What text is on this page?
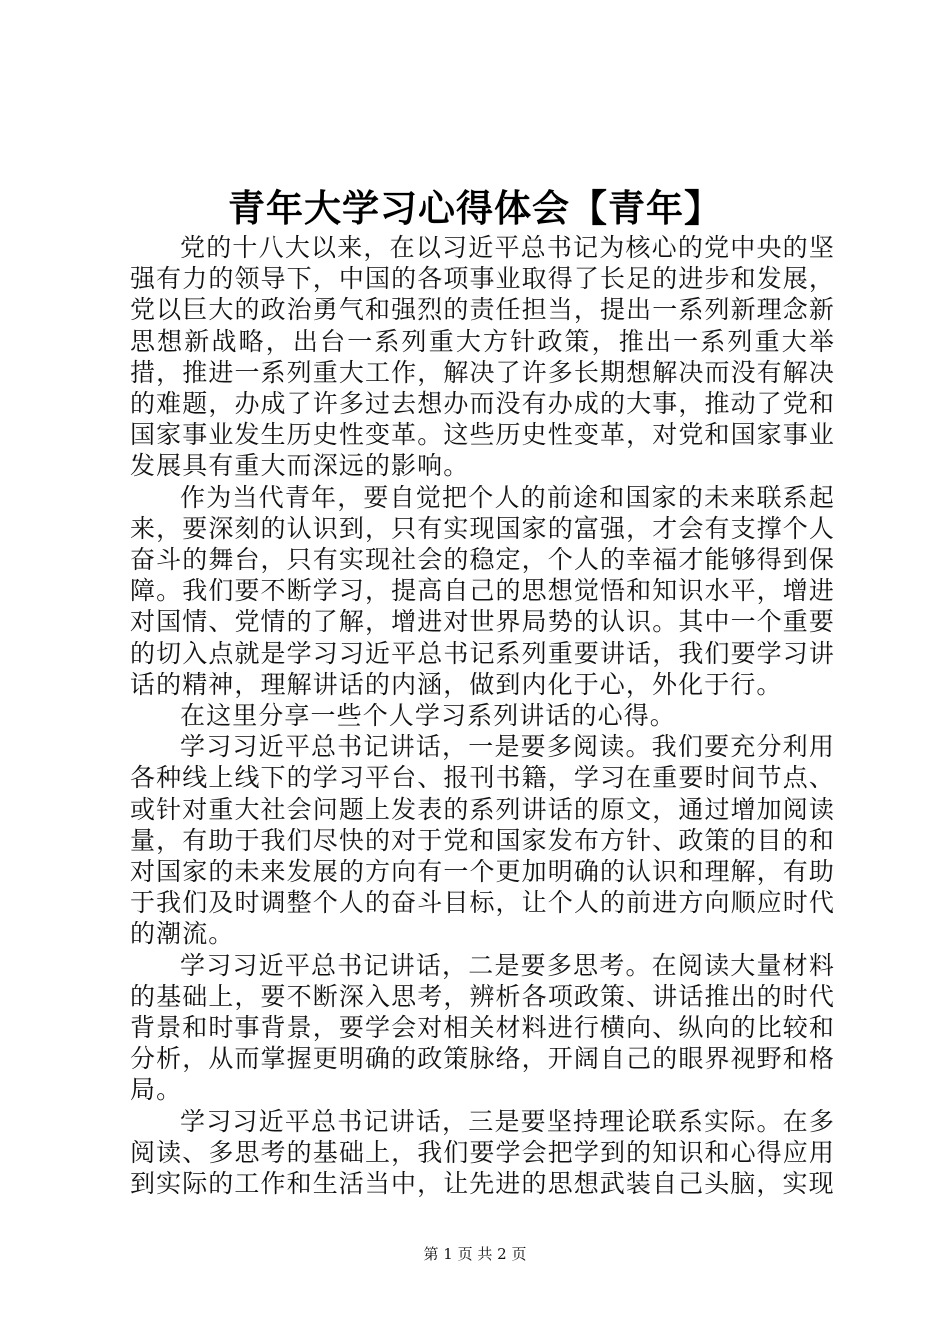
青年大学习心得体会【青年】

党的十八大以来，在以习近平总书记为核心的党中央的坚强有力的领导下，中国的各项事业取得了长足的进步和发展，党以巨大的政治勇气和强烈的责任担当，提出一系列新理念新思想新战略，出台一系列重大方针政策，推出一系列重大举措，推进一系列重大工作，解决了许多长期想解决而没有解决的难题，办成了许多过去想办而没有办成的大事，推动了党和国家事业发生历史性变革。这些历史性变革，对党和国家事业发展具有重大而深远的影响。

作为当代青年，要自觉把个人的前途和国家的未来联系起来，要深刻的认识到，只有实现国家的富强，才会有支撑个人奋斗的舞台，只有实现社会的稳定，个人的幸福才能够得到保障。我们要不断学习，提高自己的思想觉悟和知识水平，增进对国情、党情的了解，增进对世界局势的认识。其中一个重要的切入点就是学习习近平总书记系列重要讲话，我们要学习讲话的精神，理解讲话的内涵，做到内化于心，外化于行。

在这里分享一些个人学习系列讲话的心得。

学习习近平总书记讲话，一是要多阅读。我们要充分利用各种线上线下的学习平台、报刊书籍，学习在重要时间节点、或针对重大社会问题上发表的系列讲话的原文，通过增加阅读量，有助于我们尽快的对于党和国家发布方针、政策的目的和对国家的未来发展的方向有一个更加明确的认识和理解，有助于我们及时调整个人的奋斗目标，让个人的前进方向顺应时代的潮流。

学习习近平总书记讲话，二是要多思考。在阅读大量材料的基础上，要不断深入思考，辨析各项政策、讲话推出的时代背景和时事背景，要学会对相关材料进行横向、纵向的比较和分析，从而掌握更明确的政策脉络，开阔自己的眼界视野和格局。

学习习近平总书记讲话，三是要坚持理论联系实际。在多阅读、多思考的基础上，我们要学会把学到的知识和心得应用到实际的工作和生活当中，让先进的思想武装自己头脑，实现

第 1 页 共 2 页
